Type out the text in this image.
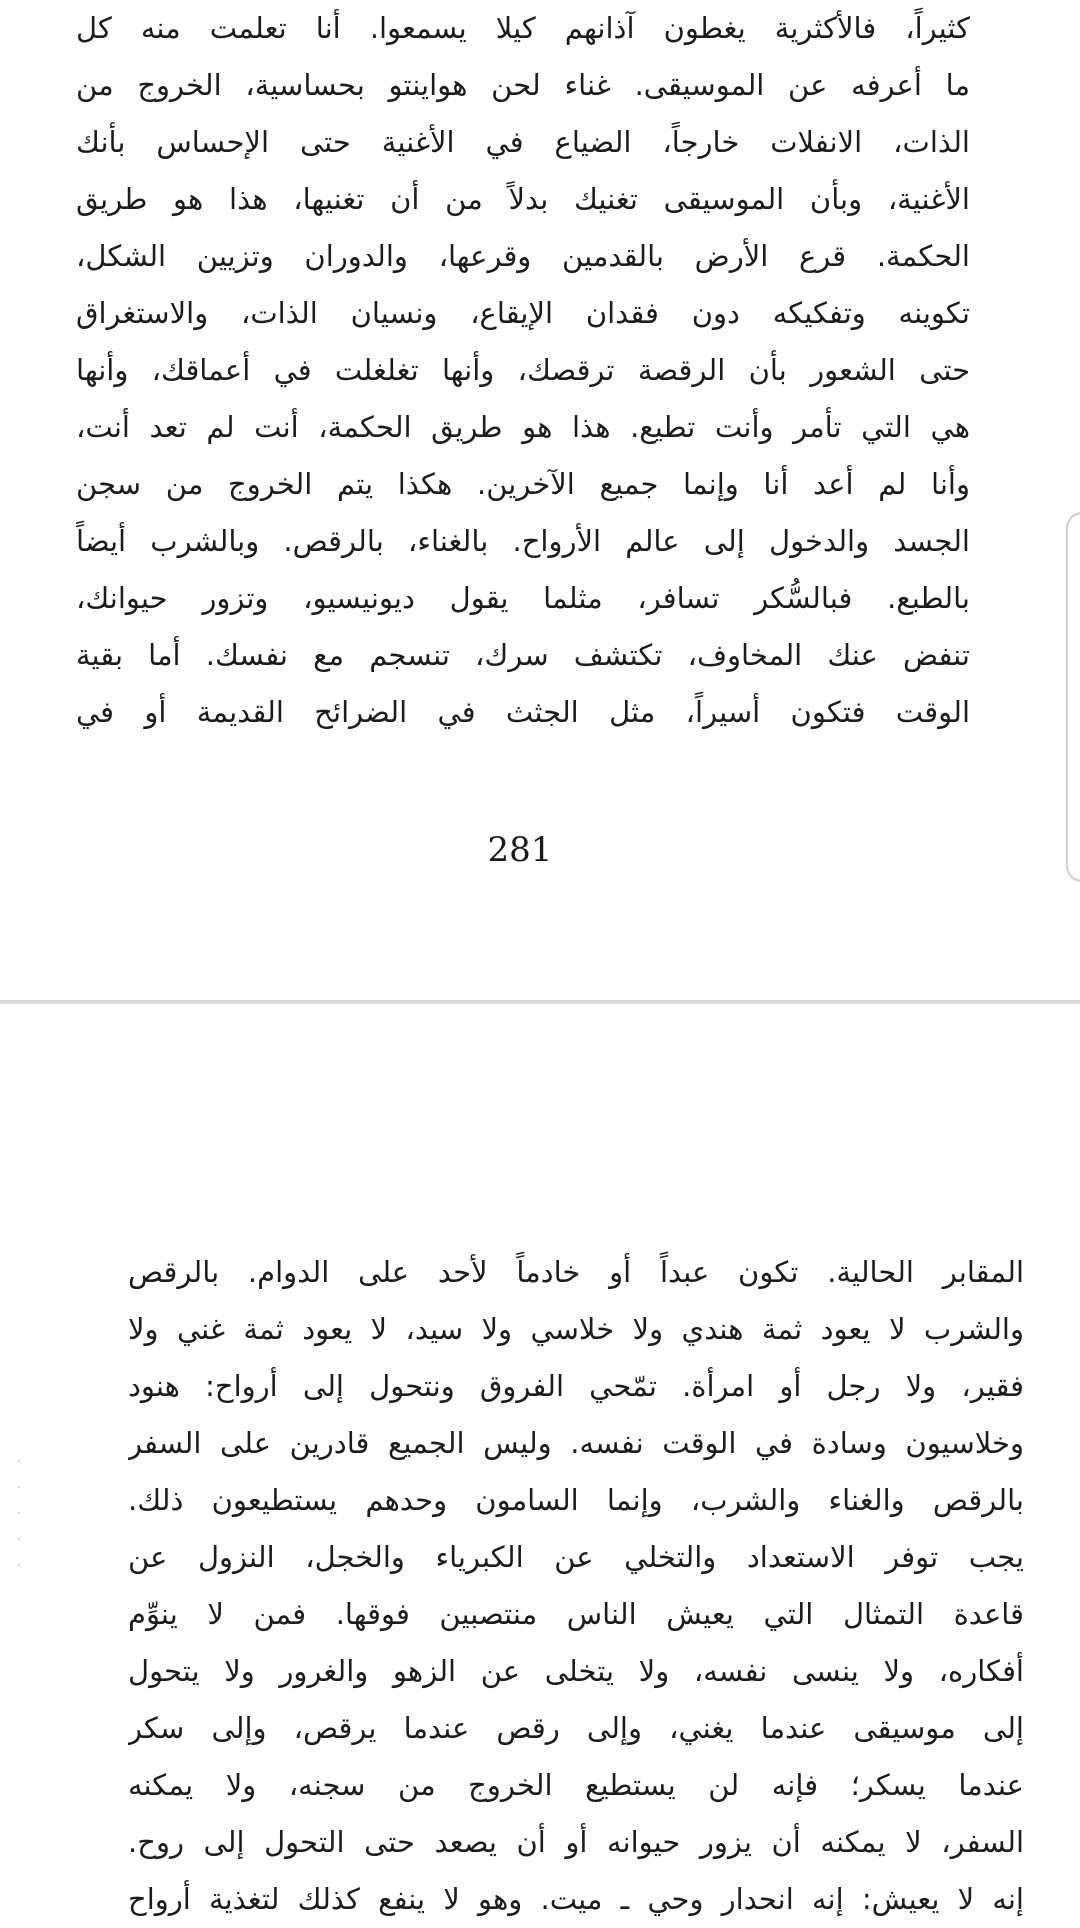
كثيراً، فالأكثرية يغطون آذانهم كيلا يسمعوا. أنا تعلمت منه كل
ما أعرفه عن الموسيقى. غناء لحن هواينتو بحساسية، الخروج من
الذات، الانفلات خارجاً، الضياع في الأغنية حتى الإحساس بأنك
الأغنية، وبأن الموسيقى تغنيك بدلاً من أن تغنيها، هذا هو طريق
الحكمة. قرع الأرض بالقدمين وقرعها، والدوران وتزيين الشكل،
تكوينه وتفكيكه دون فقدان الإيقاع، ونسيان الذات، والاستغراق
حتى الشعور بأن الرقصة ترقصك، وأنها تغلغلت في أعماقك، وأنها
هي التي تأمر وأنت تطيع. هذا هو طريق الحكمة، أنت لم تعد أنت،
وأنا لم أعد أنا وإنما جميع الآخرين. هكذا يتم الخروج من سجن
الجسد والدخول إلى عالم الأرواح. بالغناء، بالرقص. وبالشرب أيضاً
بالطبع. فبالسُّكر تسافر، مثلما يقول ديونيسيو، وتزور حيوانك،
تنفض عنك المخاوف، تكتشف سرك، تنسجم مع نفسك. أما بقية
الوقت فتكون أسيراً، مثل الجثث في الضرائح القديمة أو في
281
المقابر الحالية. تكون عبداً أو خادماً لأحد على الدوام. بالرقص
والشرب لا يعود ثمة هندي ولا خلاسي ولا سيد، لا يعود ثمة غني ولا
فقير، ولا رجل أو امرأة. تمّحي الفروق ونتحول إلى أرواح: هنود
وخلاسيون وسادة في الوقت نفسه. وليس الجميع قادرين على السفر
بالرقص والغناء والشرب، وإنما السامون وحدهم يستطيعون ذلك.
يجب توفر الاستعداد والتخلي عن الكبرياء والخجل، النزول عن
قاعدة التمثال التي يعيش الناس منتصبين فوقها. فمن لا ينوِّم
أفكاره، ولا ينسى نفسه، ولا يتخلى عن الزهو والغرور ولا يتحول
إلى موسيقى عندما يغني، وإلى رقص عندما يرقص، وإلى سكر
عندما يسكر؛ فإنه لن يستطيع الخروج من سجنه، ولا يمكنه
السفر، لا يمكنه أن يزور حيوانه أو أن يصعد حتى التحول إلى روح.
إنه لا يعيش: إنه انحدار وحي ـ ميت. وهو لا ينفع كذلك لتغذية أرواح
